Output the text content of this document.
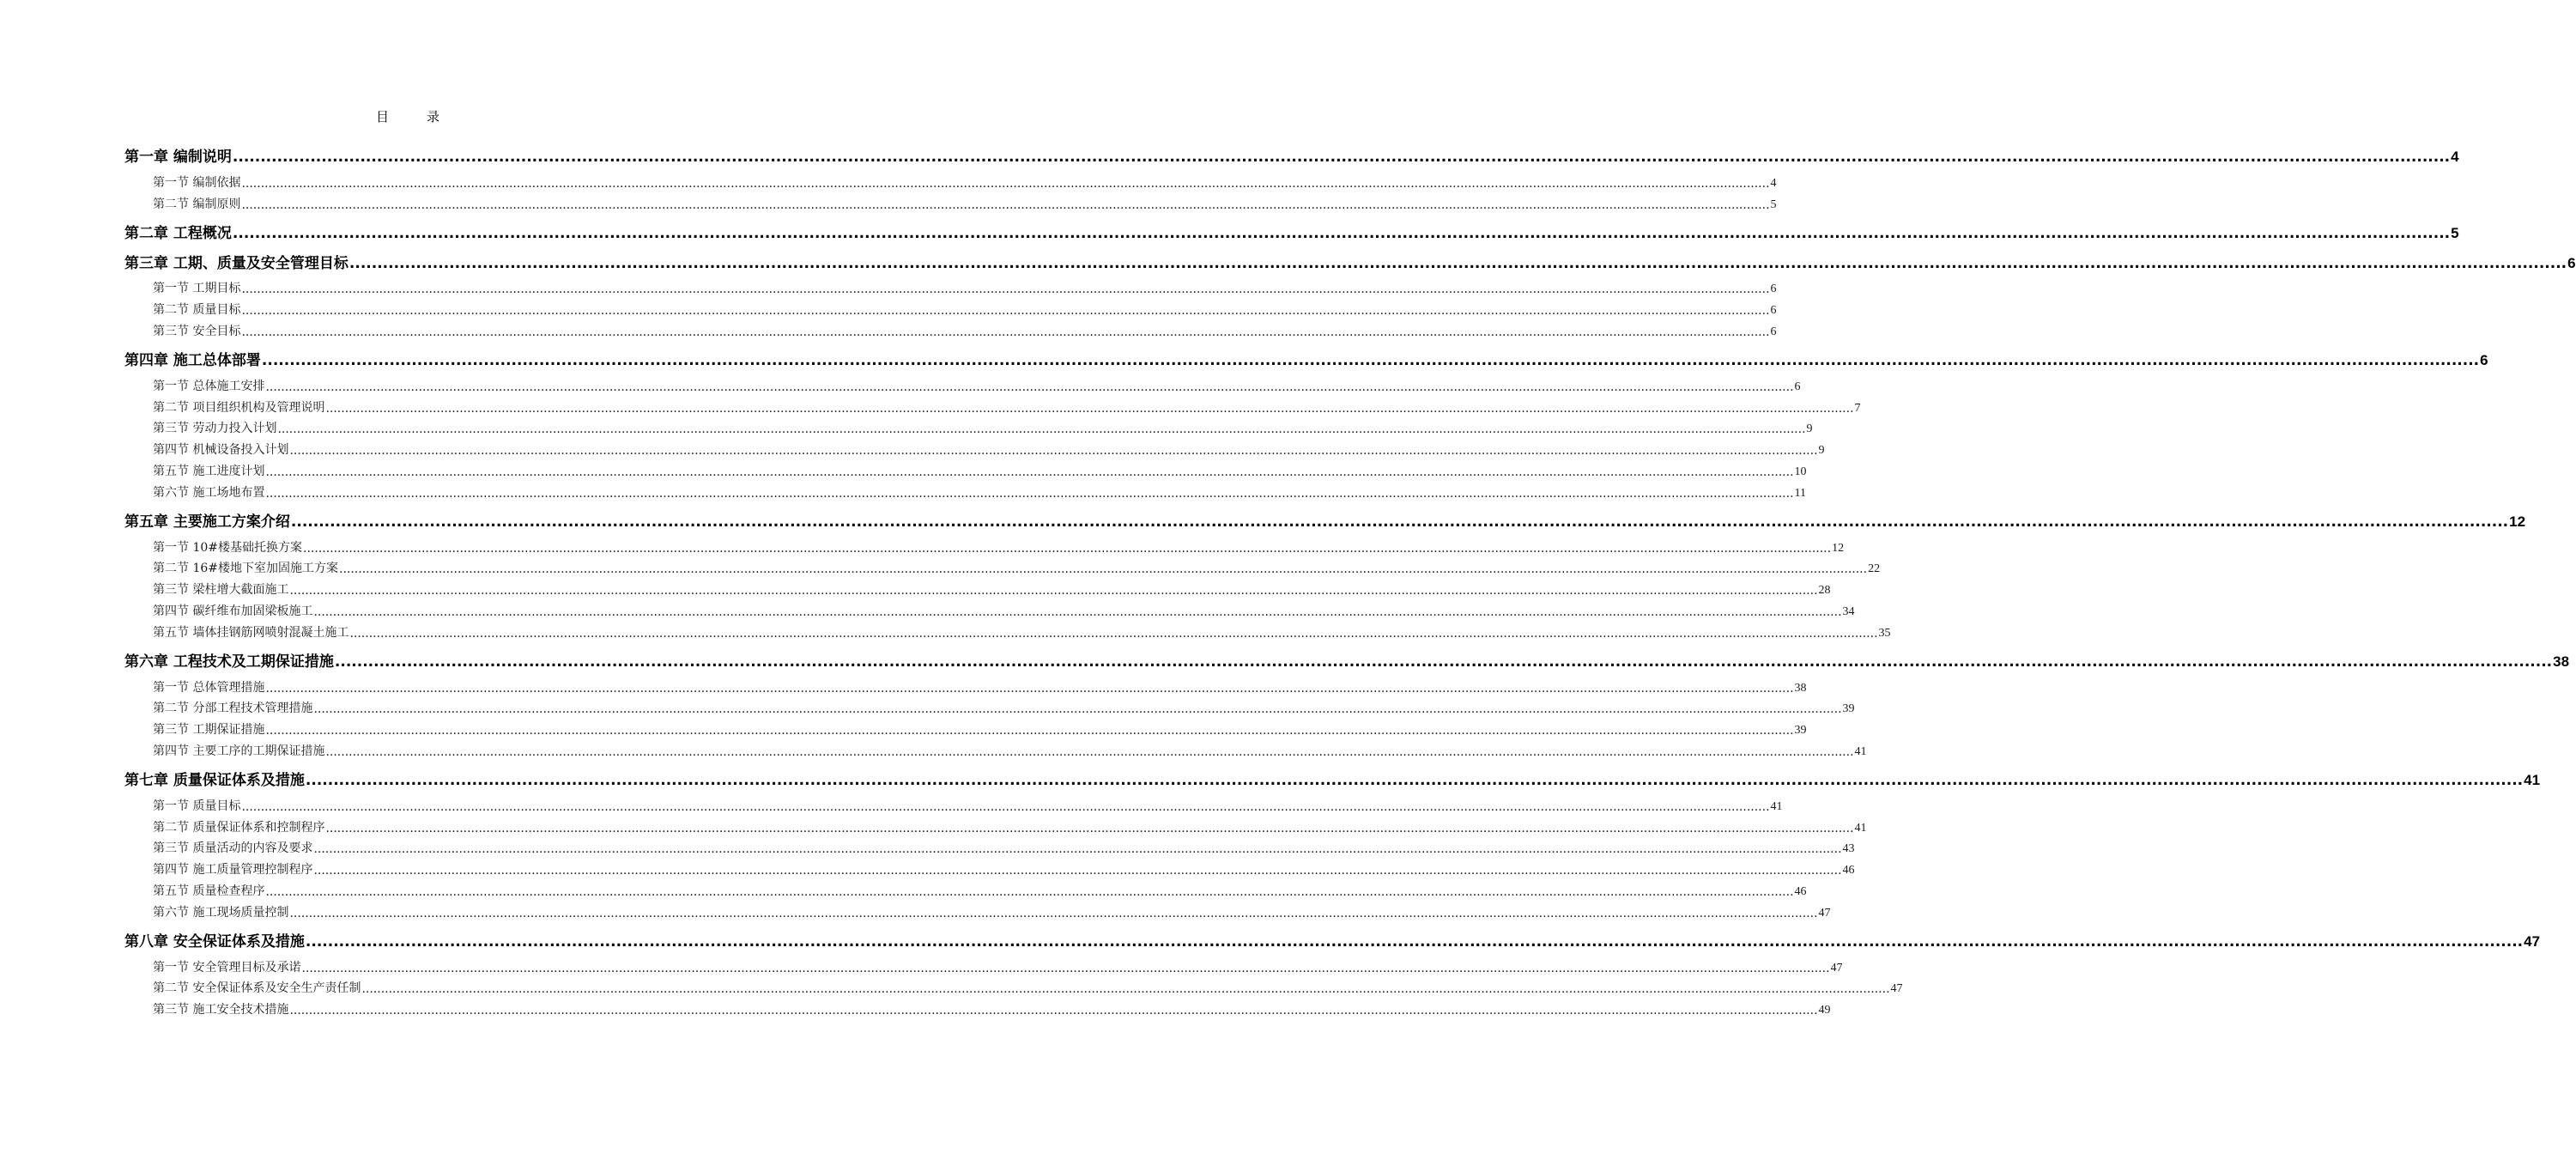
目	录
第一章 编制说明 ................................................................................................................................................................................................................................................................................................................................................................................................................ 4
第一节 编制依据 ................................................................................................................................................................................................................................................................................................................................................................................................................ 4
第二节 编制原则 ................................................................................................................................................................................................................................................................................................................................................................................................................ 5
第二章 工程概况 ................................................................................................................................................................................................................................................................................................................................................................................................................ 5
第三章 工期、质量及安全管理目标 ................................................................................................................................................................................................................................................................................................................................................................................................................ 6
第一节 工期目标 ................................................................................................................................................................................................................................................................................................................................................................................................................ 6
第二节 质量目标 ................................................................................................................................................................................................................................................................................................................................................................................................................ 6
第三节 安全目标 ................................................................................................................................................................................................................................................................................................................................................................................................................ 6
第四章 施工总体部署 ................................................................................................................................................................................................................................................................................................................................................................................................................ 6
第一节 总体施工安排 ................................................................................................................................................................................................................................................................................................................................................................................................................ 6
第二节 项目组织机构及管理说明 ................................................................................................................................................................................................................................................................................................................................................................................................................ 7
第三节 劳动力投入计划 ................................................................................................................................................................................................................................................................................................................................................................................................................ 9
第四节 机械设备投入计划 ................................................................................................................................................................................................................................................................................................................................................................................................................ 9
第五节 施工进度计划 ................................................................................................................................................................................................................................................................................................................................................................................................................ 10
第六节 施工场地布置 ................................................................................................................................................................................................................................................................................................................................................................................................................ 11
第五章 主要施工方案介绍 ................................................................................................................................................................................................................................................................................................................................................................................................................ 12
第一节 10#楼基础托换方案 ................................................................................................................................................................................................................................................................................................................................................................................................................ 12
第二节 16#楼地下室加固施工方案 ................................................................................................................................................................................................................................................................................................................................................................................................................ 22
第三节 梁柱增大截面施工 ................................................................................................................................................................................................................................................................................................................................................................................................................ 28
第四节 碳纤维布加固梁板施工 ................................................................................................................................................................................................................................................................................................................................................................................................................ 34
第五节 墙体挂钢筋网喷射混凝土施工 ................................................................................................................................................................................................................................................................................................................................................................................................................ 35
第六章 工程技术及工期保证措施 ................................................................................................................................................................................................................................................................................................................................................................................................................ 38
第一节 总体管理措施 ................................................................................................................................................................................................................................................................................................................................................................................................................ 38
第二节 分部工程技术管理措施 ................................................................................................................................................................................................................................................................................................................................................................................................................ 39
第三节 工期保证措施 ................................................................................................................................................................................................................................................................................................................................................................................................................ 39
第四节 主要工序的工期保证措施 ................................................................................................................................................................................................................................................................................................................................................................................................................ 41
第七章 质量保证体系及措施 ................................................................................................................................................................................................................................................................................................................................................................................................................ 41
第一节 质量目标 ................................................................................................................................................................................................................................................................................................................................................................................................................ 41
第二节 质量保证体系和控制程序 ................................................................................................................................................................................................................................................................................................................................................................................................................ 41
第三节 质量活动的内容及要求 ................................................................................................................................................................................................................................................................................................................................................................................................................ 43
第四节 施工质量管理控制程序 ................................................................................................................................................................................................................................................................................................................................................................................................................ 46
第五节 质量检查程序 ................................................................................................................................................................................................................................................................................................................................................................................................................ 46
第六节 施工现场质量控制 ................................................................................................................................................................................................................................................................................................................................................................................................................ 47
第八章 安全保证体系及措施 ................................................................................................................................................................................................................................................................................................................................................................................................................ 47
第一节 安全管理目标及承诺 ................................................................................................................................................................................................................................................................................................................................................................................................................ 47
第二节 安全保证体系及安全生产责任制 ................................................................................................................................................................................................................................................................................................................................................................................................................ 47
第三节 施工安全技术措施 ................................................................................................................................................................................................................................................................................................................................................................................................................ 49
